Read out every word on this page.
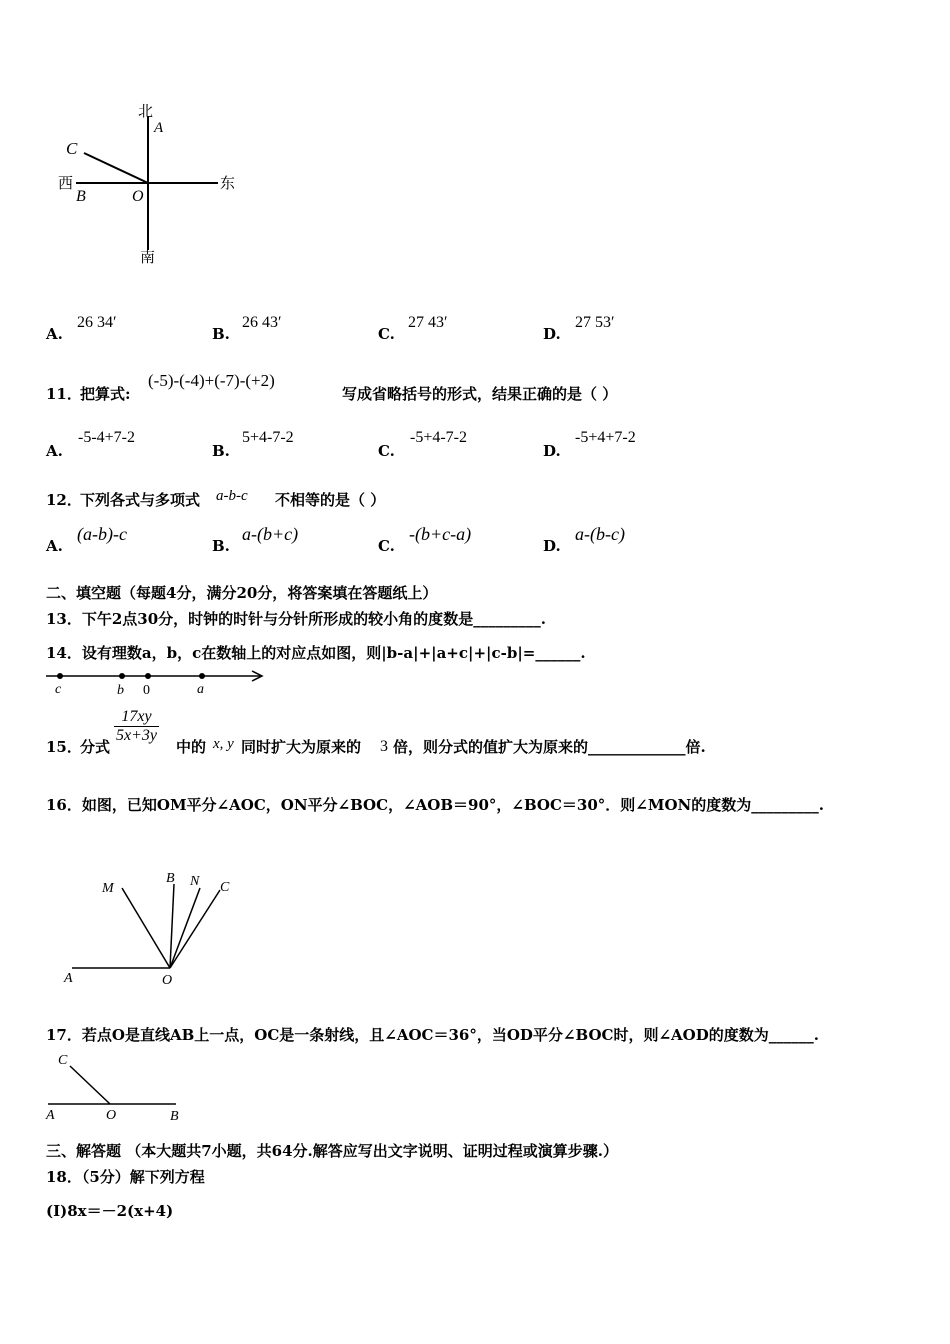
北
A
C
西
B	O
东
南
A.
26 34′
B.
26 43′
C.
27 43′
D.
27 53′
11．
把算式:
(-5)-(-4)+(-7)-(+2)
写成省略括号的形式，结果正确的是（ ）
A.
-5-4+7-2
B.
5+4-7-2
C.
-5+4-7-2
D.
-5+4+7-2
12．
下列各式与多项式 a-b-c 不相等的是（ ）
A.
(a-b)-c
B.
a-(b+c)
C.
-(b+c-a)
D.
a-(b-c)
二、填空题（每题4分，满分20分，将答案填在答题纸上）
13．下午2点30分，时钟的时针与分针所形成的较小角的度数是_________.
14．设有理数a，b，c在数轴上的对应点如图，则|b-a|+|a+c|+|c-b|=______.
c	b 0	a
15．
分式
$\frac{17xy}{5x+3y}$
中的 x, y 同时扩大为原来的 3 倍，则分式的值扩大为原来的_____________倍.
16．如图，已知OM平分∠AOC，ON平分∠BOC，∠AOB＝90°，∠BOC＝30°．则∠MON的度数为_________.
M
B N C
A	O
17．若点O是直线AB上一点，OC是一条射线，且∠AOC＝36°，当OD平分∠BOC时，则∠AOD的度数为______.
C
A	O	B
三、解答题 （本大题共7小题，共64分.解答应写出文字说明、证明过程或演算步骤.）
18．（5分）解下列方程
(Ⅰ)8x＝－2(x+4)
